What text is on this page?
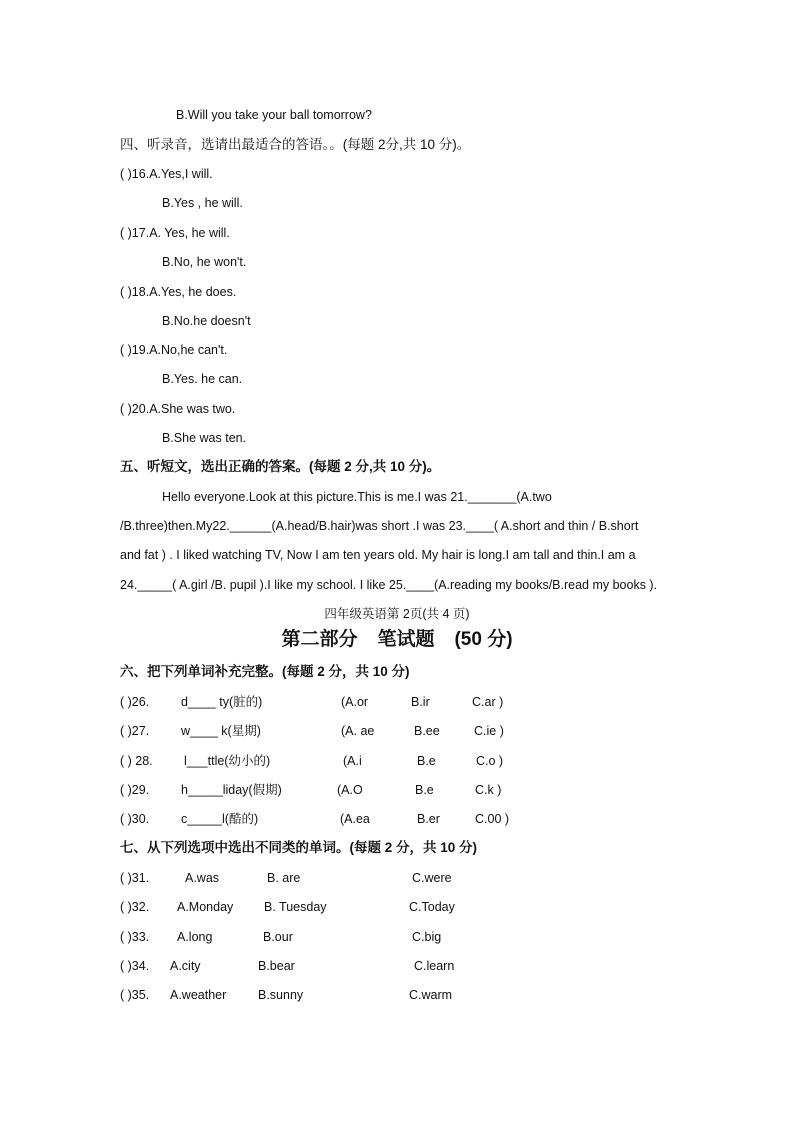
B.Will you take your ball tomorrow?
四、听录音，选请出最适合的答语。。(每题 2分,共 10 分)。
( )16.A.Yes,I will.
B.Yes , he will.
( )17.A. Yes, he will.
B.No, he won't.
( )18.A.Yes, he does.
B.No.he doesn't
( )19.A.No,he can't.
B.Yes. he can.
( )20.A.She was two.
B.She was ten.
五、听短文，选出正确的答案。(每题 2 分,共 10 分)。
Hello everyone.Look at this picture.This is me.I was 21._______(A.two
/B.three)then.My22.______(A.head/B.hair)was short .I was 23.____( A.short and thin / B.short
and fat ) . I liked watching TV, Now I am ten years old. My hair is long.I am tall and thin.I am a
24._____( A.girl /B. pupil ).I like my school. I like 25.____(A.reading my books/B.read my books ).
四年级英语第 2页(共 4 页)
第二部分 笔试题 (50 分)
六、把下列单词补充完整。(每题 2 分，共 10 分)
( )26.	d____ ty(脏的)	(A.or	B.ir	C.ar )
( )27.	w____ k(星期)	(A. ae	B.ee	C.ie )
( ) 28.	l___ttle(幼小的)	(A.i	B.e	C.o )
( )29.	h_____liday(假期)	(A.O	B.e	C.k )
( )30.	c_____l(酷的)	(A.ea	B.er	C.00 )
七、从下列选项中选出不同类的单词。(每题 2 分，共 10 分)
( )31.	A.was	B. are	C.were
( )32. A.Monday B. Tuesday	C.Today
( )33. A.long	B.our	C.big
( )34. A.city	B.bear	C.learn
( )35. A.weather	B.sunny	C.warm
